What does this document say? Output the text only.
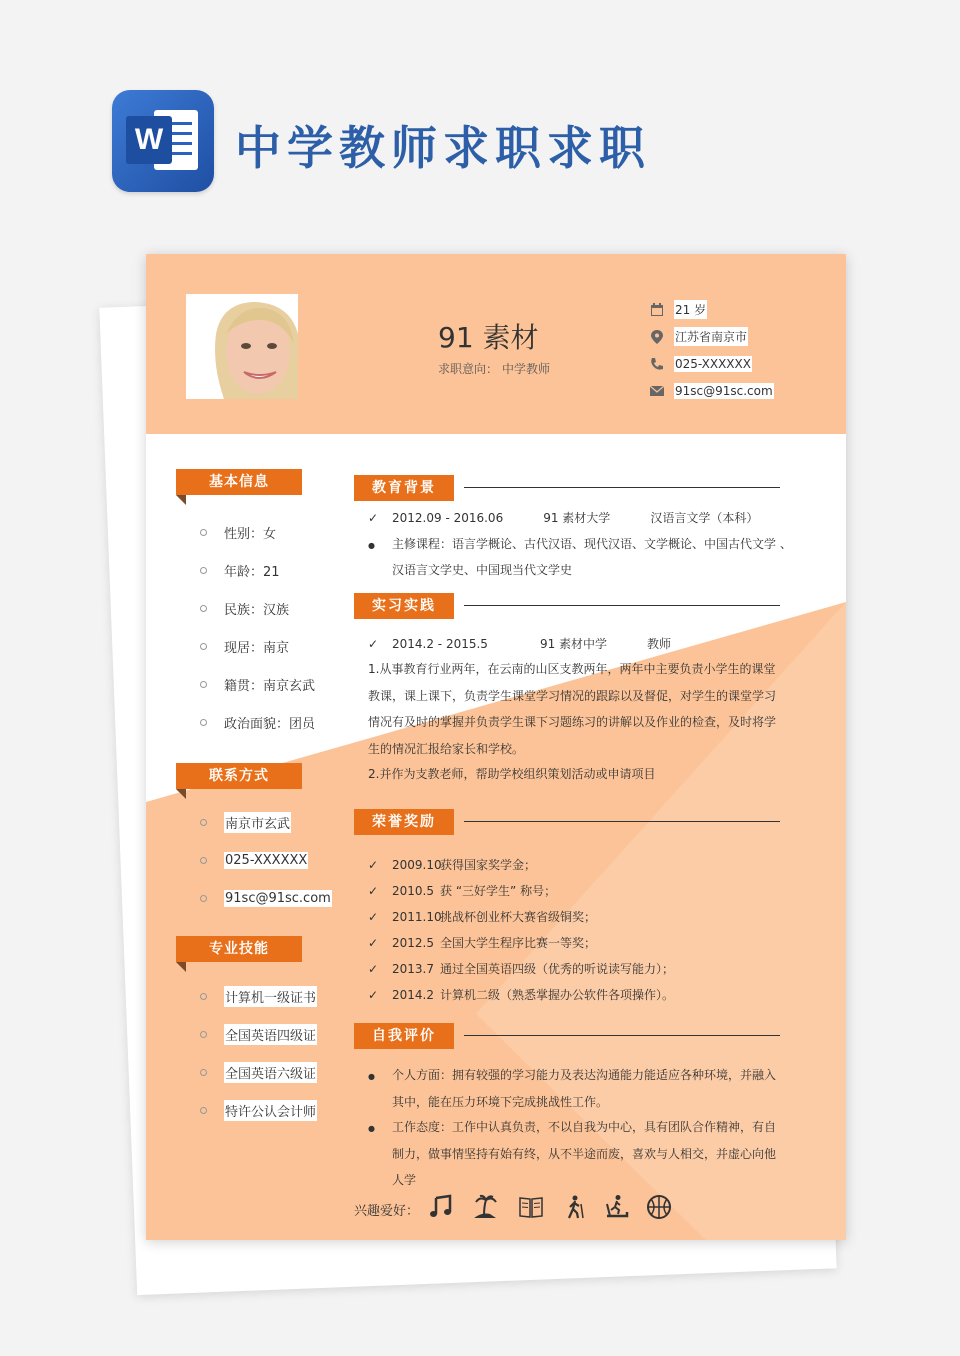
W 中学教师求职求职
91 素材
求职意向： 中学教师
21 岁
江苏省南京市
025-XXXXXX
91sc@91sc.com
基本信息
性别：女
年龄：21
民族：汉族
现居：南京
籍贯：南京玄武
政治面貌：团员
联系方式
南京市玄武
025-XXXXXX
91sc@91sc.com
专业技能
计算机一级证书
全国英语四级证
全国英语六级证
特许公认会计师
教育背景
✓ 2012.09 - 2016.06	91 素材大学	汉语言文学（本科）
●主修课程：语言学概论、古代汉语、现代汉语、文学概论、中国古代文学 、
汉语言文学史、中国现当代文学史
实习实践
✓ 2014.2 - 2015.5	91 素材中学	教师
1.从事教育行业两年，在云南的山区支教两年，两年中主要负责小学生的课堂教课，课上课下，负责学生课堂学习情况的跟踪以及督促，对学生的课堂学习情况有及时的掌握并负责学生课下习题练习的讲解以及作业的检查，及时将学生的情况汇报给家长和学校。
2.并作为支教老师，帮助学校组织策划活动或申请项目
荣誉奖励
✓ 2009.10获得国家奖学金；
✓ 2010.5 获 “三好学生” 称号；
✓ 2011.10挑战杯创业杯大赛省级铜奖；
✓ 2012.5 全国大学生程序比赛一等奖；
✓ 2013.7 通过全国英语四级（优秀的听说读写能力）；
✓ 2014.2 计算机二级（熟悉掌握办公软件各项操作）。
自我评价
●
个人方面：拥有较强的学习能力及表达沟通能力能适应各种环境，并融入其中，能在压力环境下完成挑战性工作。
●
工作态度：工作中认真负责，不以自我为中心，具有团队合作精神，有自制力，做事情坚持有始有终，从不半途而废，喜欢与人相交，并虚心向他人学
兴趣爱好：
